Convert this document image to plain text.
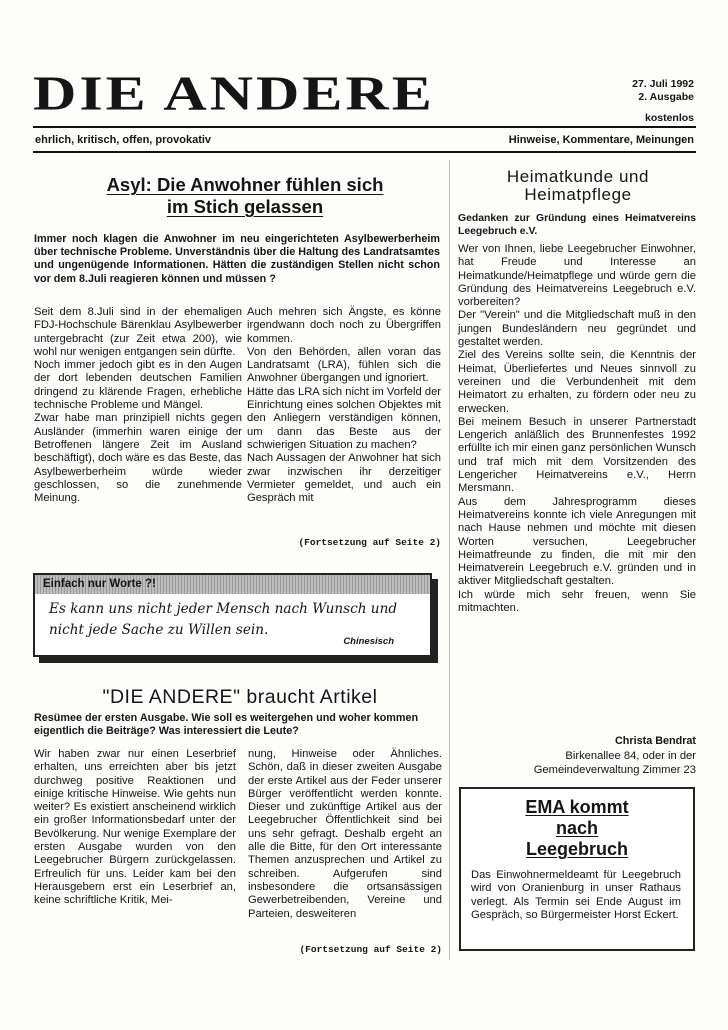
DIE ANDERE	27. Juli 1992
2. Ausgabe
kostenlos
ehrlich, kritisch, offen, provokativ	Hinweise, Kommentare, Meinungen
Asyl: Die Anwohner fühlen sich
im Stich gelassen
Immer noch klagen die Anwohner im neu eingerichteten Asylbewerberheim über technische Probleme. Unverständnis über die Haltung des Landratsamtes und ungenügende Informationen. Hätten die zuständigen Stellen nicht schon vor dem 8.Juli reagieren können und müssen ?

Seit dem 8.Juli sind in der ehemaligen FDJ-Hochschule Bärenklau Asylbewerber untergebracht (zur Zeit etwa 200), wie wohl nur wenigen entgangen sein dürfte.

Noch immer jedoch gibt es in den Augen der dort lebenden deutschen Familien dringend zu klärende Fragen, erhebliche technische Probleme und Mängel.

Zwar habe man prinzipiell nichts gegen Ausländer (immerhin waren einige der Betroffenen längere Zeit im Ausland beschäftigt), doch wäre es das Beste, das Asylbewerberheim würde wieder geschlossen, so die zunehmende Meinung.

Auch mehren sich Ängste, es könne irgendwann doch noch zu Übergriffen kommen.

Von den Behörden, allen voran das Landratsamt (LRA), fühlen sich die Anwohner übergangen und ignoriert.

Hätte das LRA sich nicht im Vorfeld der Einrichtung eines solchen Objektes mit den Anliegern verständigen können, um dann das Beste aus der schwierigen Situation zu machen?

Nach Aussagen der Anwohner hat sich zwar inzwischen ihr derzeitiger Vermieter gemeldet, und auch ein Gespräch mit

(Fortsetzung auf Seite 2)
Einfach nur Worte ?!
Es kann uns nicht jeder Mensch nach Wunsch und
nicht jede Sache zu Willen sein.
Chinesisch
"DIE ANDERE" braucht Artikel
Resümee der ersten Ausgabe. Wie soll es weitergehen und woher kommen eigentlich die Beiträge? Was interessiert die Leute?
Wir haben zwar nur einen Leserbrief erhalten, uns erreichten aber bis jetzt durchweg positive Reaktionen und einige kritische Hinweise. Wie gehts nun weiter? Es existiert anscheinend wirklich ein großer Informationsbedarf unter der Bevölkerung. Nur wenige Exemplare der ersten Ausgabe wurden von den Leegebrucher Bürgern zurückgelassen. Erfreulich für uns. Leider kam bei den Herausgebern erst ein Leserbrief an, keine schriftliche Kritik, Mei-
nung, Hinweise oder Ähnliches. Schön, daß in dieser zweiten Ausgabe der erste Artikel aus der Feder unserer Bürger veröffentlicht werden konnte. Dieser und zukünftige Artikel aus der Leegebrucher Öffentlichkeit sind bei uns sehr gefragt. Deshalb ergeht an alle die Bitte, für den Ort interessante Themen anzusprechen und Artikel zu schreiben. Aufgerufen sind insbesondere die ortsansässigen Gewerbetreibenden, Vereine und Parteien, desweiteren
(Fortsetzung auf Seite 2)
Heimatkunde und
Heimatpflege
Gedanken zur Gründung eines Heimatvereins Leegebruch e.V.

Wer von Ihnen, liebe Leegebrucher Einwohner, hat Freude und Interesse an Heimatkunde/Heimatpflege und würde gern die Gründung des Heimatvereins Leegebruch e.V. vorbereiten?

Der "Verein" und die Mitgliedschaft muß in den jungen Bundesländern neu gegründet und gestaltet werden.

Ziel des Vereins sollte sein, die Kenntnis der Heimat, Überliefertes und Neues sinnvoll zu vereinen und die Verbundenheit mit dem Heimatort zu erhalten, zu fördern oder neu zu erwecken.

Bei meinem Besuch in unserer Partnerstadt Lengerich anläßlich des Brunnenfestes 1992 erfüllte ich mir einen ganz persönlichen Wunsch und traf mich mit dem Vorsitzenden des Lengericher Heimatvereins e.V., Herrn Mersmann.

Aus dem Jahresprogramm dieses Heimatvereins konnte ich viele Anregungen mit nach Hause nehmen und möchte mit diesen Worten versuchen, Leegebrucher Heimatfreunde zu finden, die mit mir den Heimatverein Leegebruch e.V. gründen und in aktiver Mitgliedschaft gestalten.

Ich würde mich sehr freuen, wenn Sie mitmachten.

Christa Bendrat
Birkenallee 84, oder in der
Gemeindeverwaltung Zimmer 23
EMA kommt
nach
Leegebruch
Das Einwohnermeldeamt für Leegebruch wird von Oranienburg in unser Rathaus verlegt. Als Termin sei Ende August im Gespräch, so Bürgermeister Horst Eckert.
